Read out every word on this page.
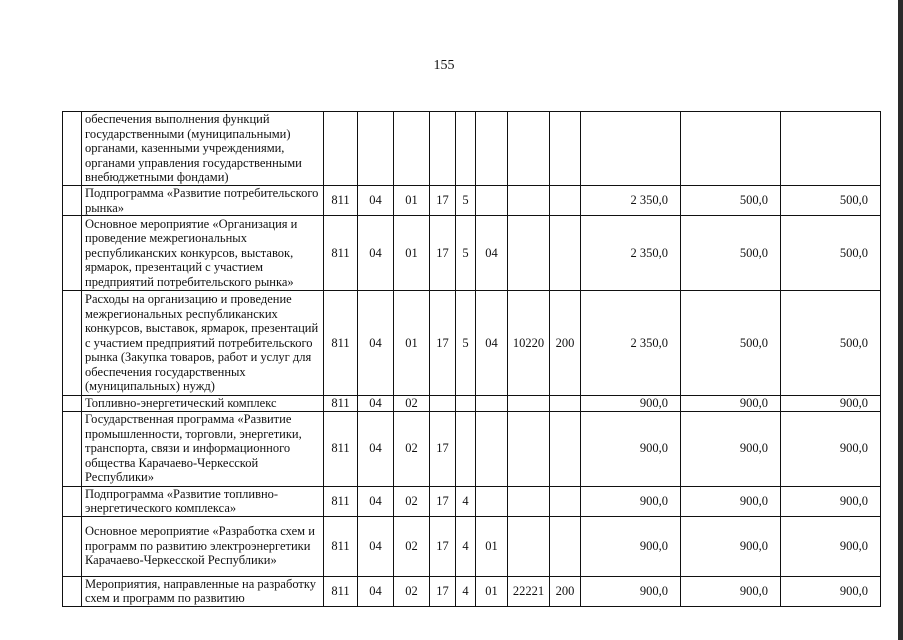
155
	обеспечения выполнения функций государственными (муниципальными) органами, казенными учреждениями, органами управления государственными внебюджетными фондами)											
	Подпрограмма «Развитие потребительского рынка»	811	04	01	17	5				2 350,0	500,0	500,0
	Основное мероприятие «Организация и проведение межрегиональных республиканских конкурсов, выставок, ярмарок, презентаций с участием предприятий потребительского рынка»	811	04	01	17	5	04			2 350,0	500,0	500,0
	Расходы на организацию и проведение межрегиональных республиканских конкурсов, выставок, ярмарок, презентаций с участием предприятий потребительского рынка (Закупка товаров, работ и услуг для обеспечения государственных (муниципальных) нужд)	811	04	01	17	5	04	10220	200	2 350,0	500,0	500,0
	Топливно-энергетический комплекс	811	04	02						900,0	900,0	900,0
	Государственная программа «Развитие промышленности, торговли, энергетики, транспорта, связи и информационного общества Карачаево-Черкесской Республики»	811	04	02	17					900,0	900,0	900,0
	Подпрограмма «Развитие топливно-энергетического комплекса»	811	04	02	17	4				900,0	900,0	900,0
	Основное мероприятие «Разработка схем и программ по развитию электроэнергетики Карачаево-Черкесской Республики»	811	04	02	17	4	01			900,0	900,0	900,0
	Мероприятия, направленные на разработку схем и программ по развитию	811	04	02	17	4	01	22221	200	900,0	900,0	900,0
